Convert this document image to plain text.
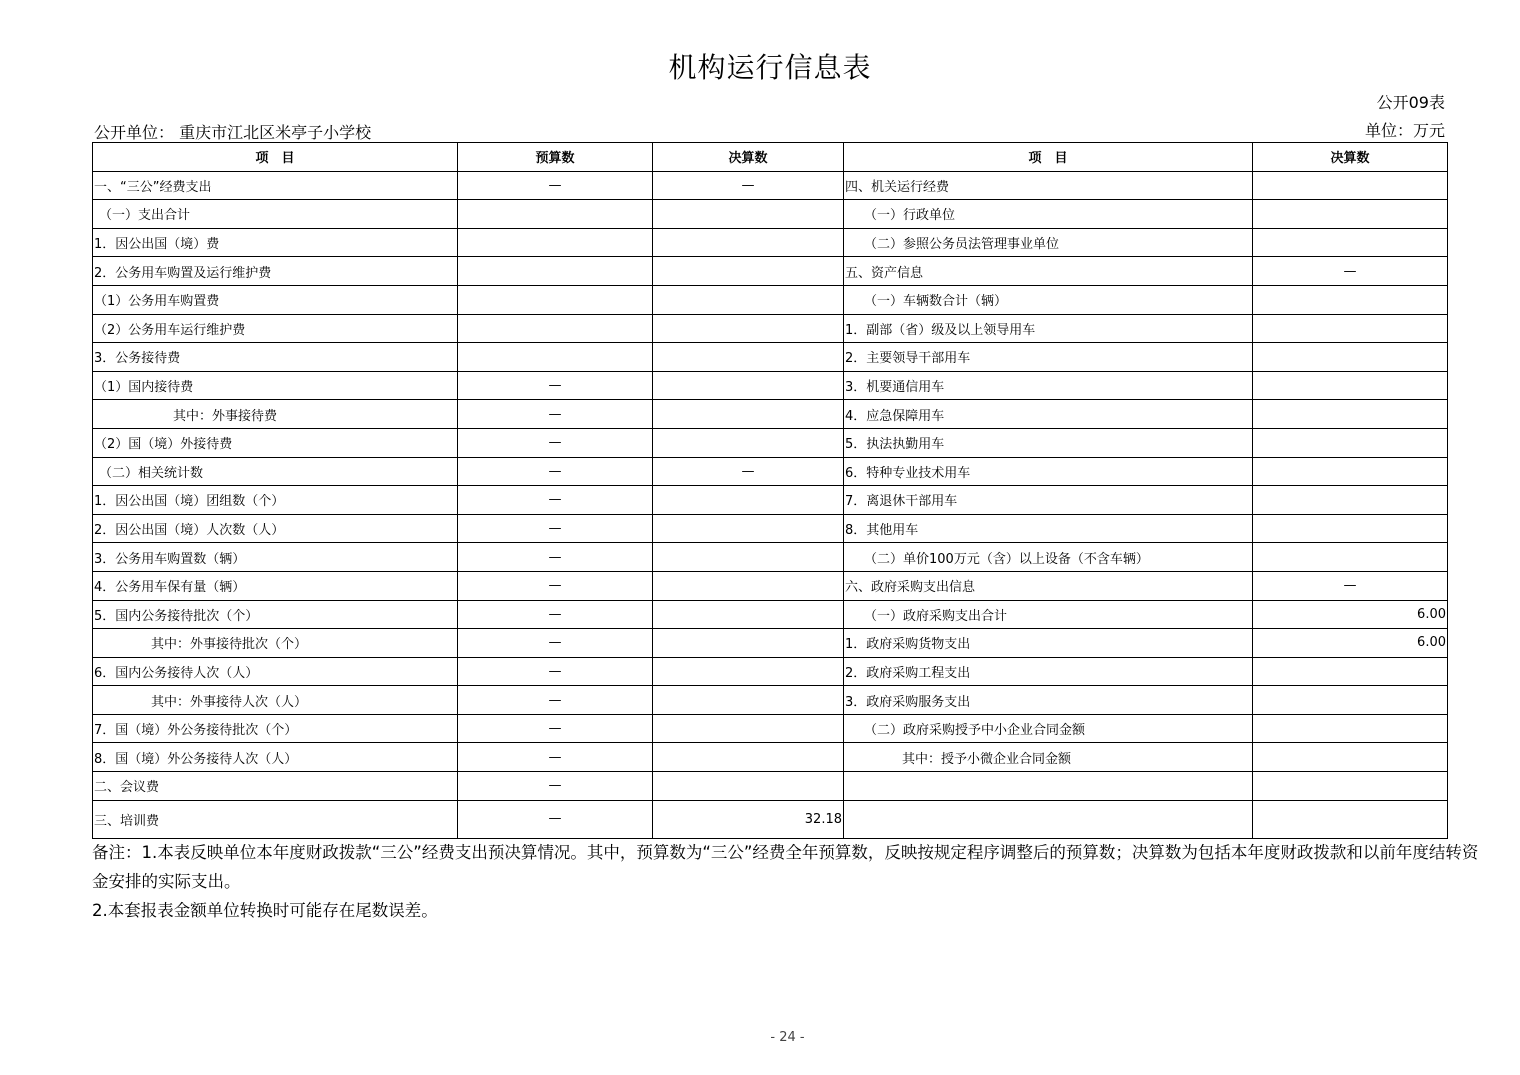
机构运行信息表
公开09表
公开单位： 重庆市江北区米亭子小学校	单位：万元
项　目	预算数	决算数	项　目	决算数
一、“三公”经费支出	—	—	四、机关运行经费	
（一）支出合计			（一）行政单位	
1．因公出国（境）费			（二）参照公务员法管理事业单位	
2．公务用车购置及运行维护费			五、资产信息	—
（1）公务用车购置费			（一）车辆数合计（辆）	
（2）公务用车运行维护费			1．副部（省）级及以上领导用车	
3．公务接待费			2．主要领导干部用车	
（1）国内接待费	—		3．机要通信用车	
其中：外事接待费	—		4．应急保障用车	
（2）国（境）外接待费	—		5．执法执勤用车	
（二）相关统计数	—	—	6．特种专业技术用车	
1．因公出国（境）团组数（个）	—		7．离退休干部用车	
2．因公出国（境）人次数（人）	—		8．其他用车	
3．公务用车购置数（辆）	—		（二）单价100万元（含）以上设备（不含车辆）	
4．公务用车保有量（辆）	—		六、政府采购支出信息	—
5．国内公务接待批次（个）	—		（一）政府采购支出合计	6.00
其中：外事接待批次（个）	—		1．政府采购货物支出	6.00
6．国内公务接待人次（人）	—		2．政府采购工程支出	
其中：外事接待人次（人）	—		3．政府采购服务支出	
7．国（境）外公务接待批次（个）	—		（二）政府采购授予中小企业合同金额	
8．国（境）外公务接待人次（人）	—		其中：授予小微企业合同金额	
二、会议费	—			
三、培训费	—	32.18		

备注：1.本表反映单位本年度财政拨款“三公”经费支出预决算情况。其中，预算数为“三公”经费全年预算数，反映按规定程序调整后的预算数；决算数为包括本年度财政拨款和以前年度结转资金安排的实际支出。

2.本套报表金额单位转换时可能存在尾数误差。

- 24 -
